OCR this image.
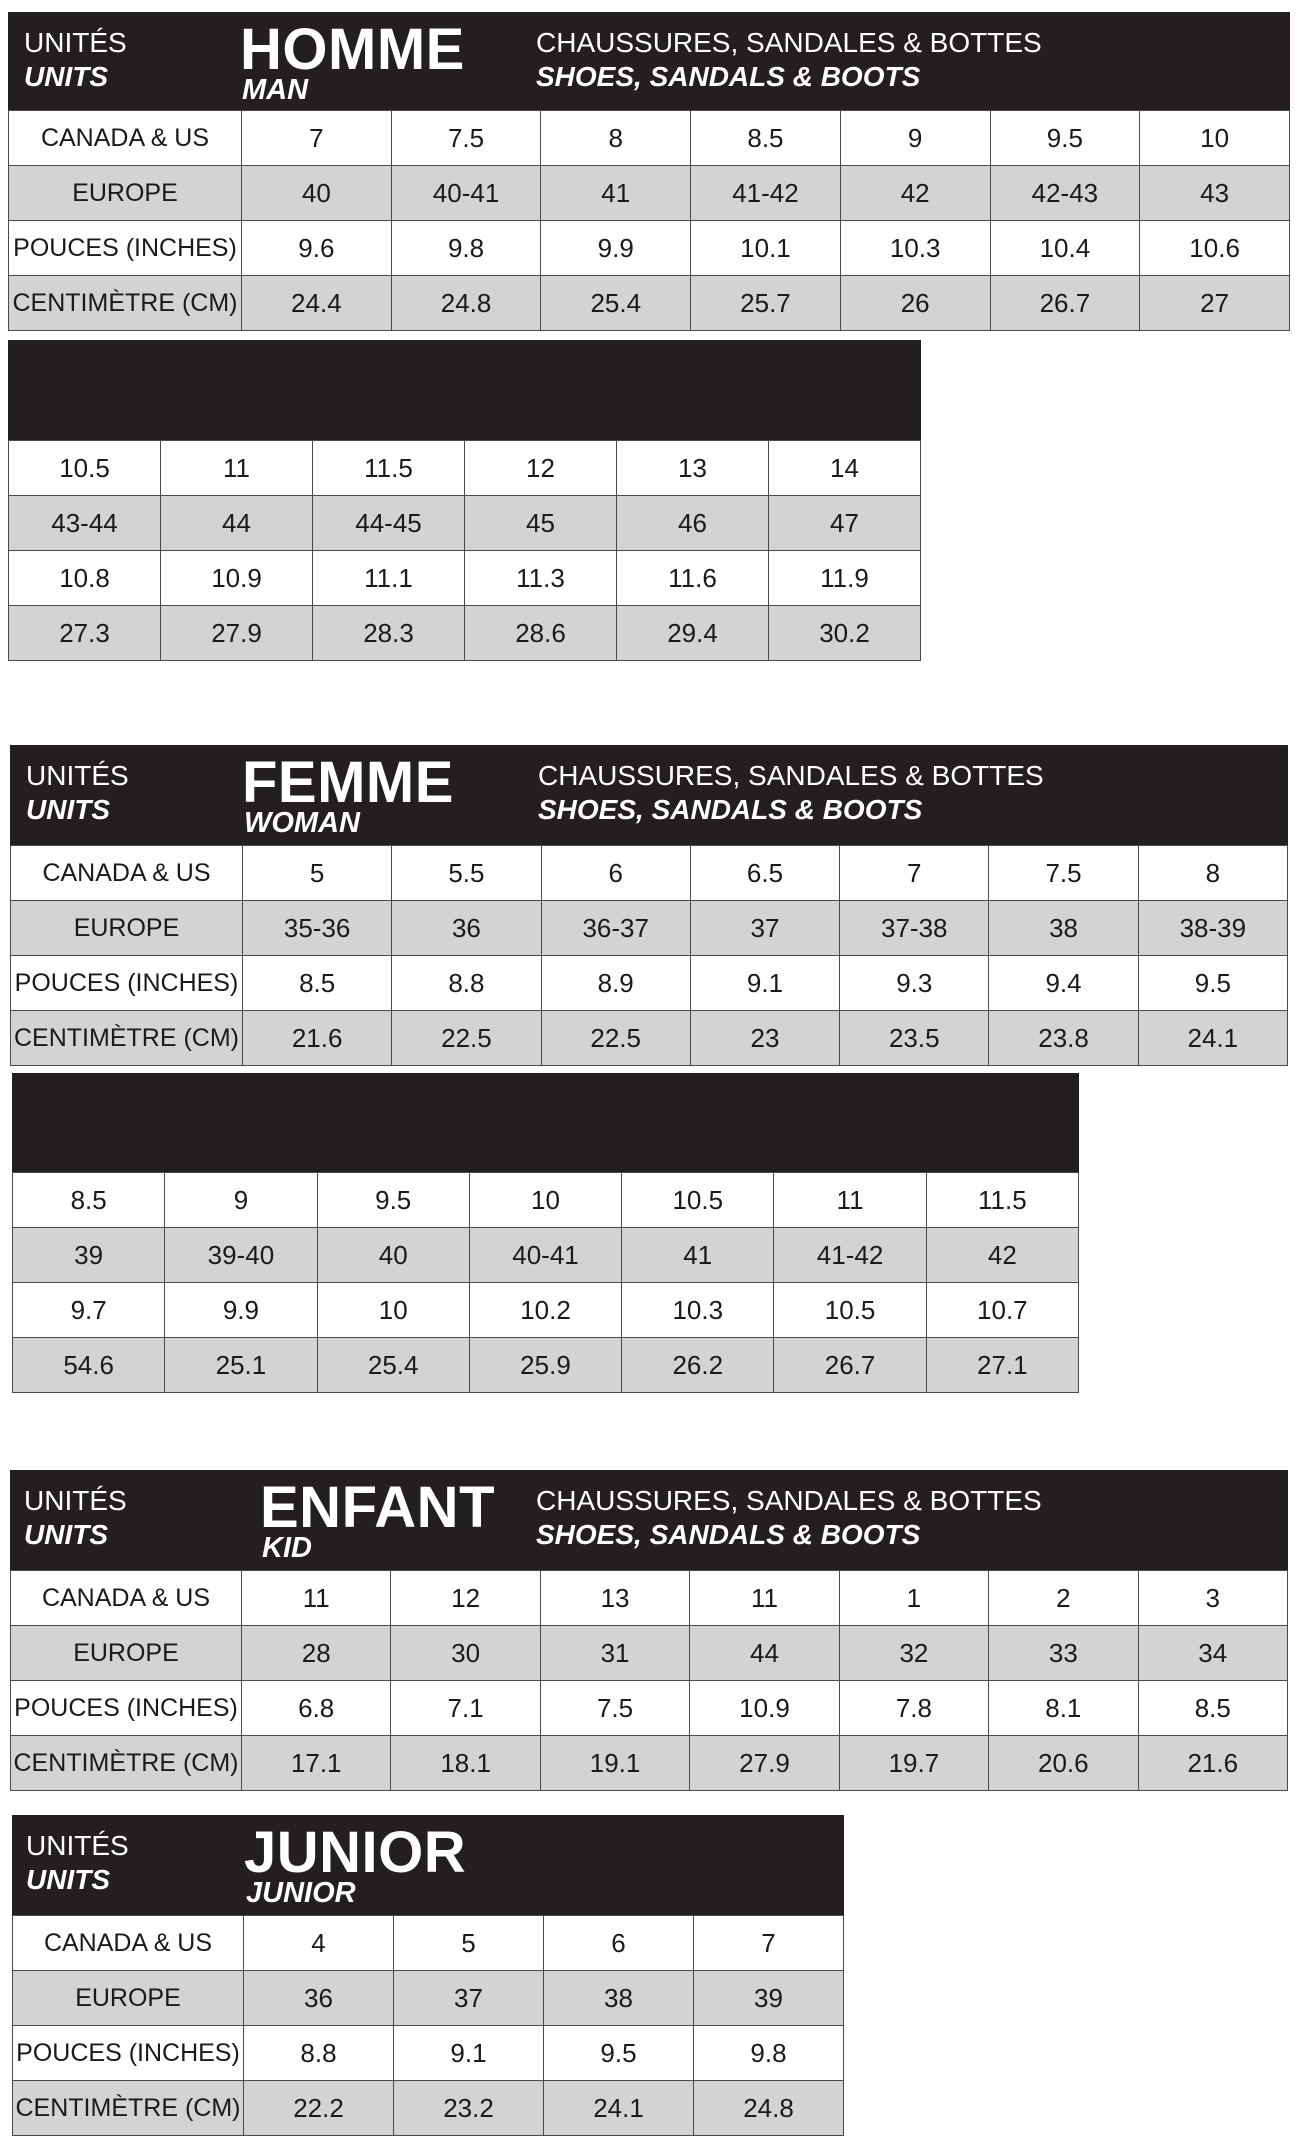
UNITÉS
UNITS	HOMME
MAN
CHAUSSURES, SANDALES & BOTTES
SHOES, SANDALS & BOOTS
CANADA & US	7	7.5	8	8.5	9	9.5	10
EUROPE	40	40-41	41	41-42	42	42-43	43
POUCES (INCHES)	9.6	9.8	9.9	10.1	10.3	10.4	10.6
CENTIMÈTRE (CM)	24.4	24.8	25.4	25.7	26	26.7	27
10.5	11	11.5	12	13	14
43-44	44	44-45	45	46	47
10.8	10.9	11.1	11.3	11.6	11.9
27.3	27.9	28.3	28.6	29.4	30.2
UNITÉS
UNITS	FEMME
WOMAN
CHAUSSURES, SANDALES & BOTTES
SHOES, SANDALS & BOOTS
CANADA & US	5	5.5	6	6.5	7	7.5	8
EUROPE	35-36	36	36-37	37	37-38	38	38-39
POUCES (INCHES)	8.5	8.8	8.9	9.1	9.3	9.4	9.5
CENTIMÈTRE (CM)	21.6	22.5	22.5	23	23.5	23.8	24.1
8.5	9	9.5	10	10.5	11	11.5
39	39-40	40	40-41	41	41-42	42
9.7	9.9	10	10.2	10.3	10.5	10.7
54.6	25.1	25.4	25.9	26.2	26.7	27.1
UNITÉS
UNITS	ENFANT
KID
CHAUSSURES, SANDALES & BOTTES
SHOES, SANDALS & BOOTS
CANADA & US	11	12	13	11	1	2	3
EUROPE	28	30	31	44	32	33	34
POUCES (INCHES)	6.8	7.1	7.5	10.9	7.8	8.1	8.5
CENTIMÈTRE (CM)	17.1	18.1	19.1	27.9	19.7	20.6	21.6
UNITÉS
UNITS	JUNIOR
JUNIOR
CANADA & US	4	5	6	7
EUROPE	36	37	38	39
POUCES (INCHES)	8.8	9.1	9.5	9.8
CENTIMÈTRE (CM)	22.2	23.2	24.1	24.8
